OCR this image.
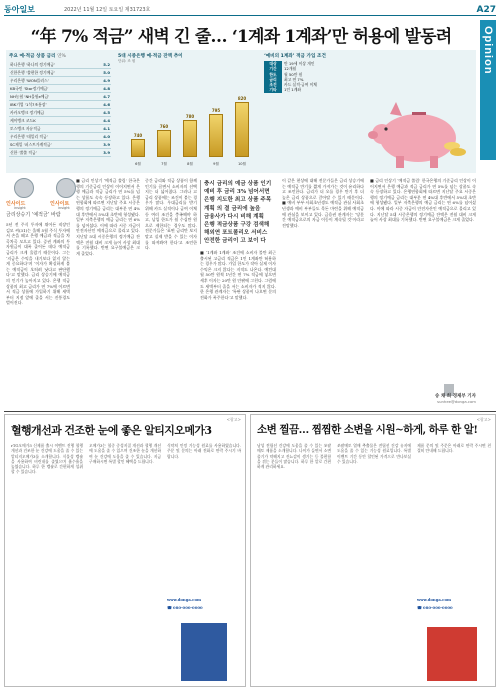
동아일보	2022년 11월 12일 토요일 제31723호	A27
Opinion
“年 7% 적금” 새벽 긴 줄… ‘1계좌 1계좌’만 허용에 발동려
주요 예·적금 상품 금리 연%
하나은행 ‘하나의 정기예금’	5.2
신한은행 ‘쏠편한 정기예금’	5.0
우리은행 ‘WON플러스’	4.9
KB국민 ‘Star정기예금’	4.8
NH농협 ‘NH올원e예금’	4.7
IBK기업 ‘1석7조통장’	4.6
카카오뱅크 정기예금	4.5
케이뱅크 코드K	4.4
토스뱅크 자유적금	4.1
우리은행 ‘데일리 적금’	4.0
SC제일 ‘퍼스트가계적금’	3.9
신한 ‘쏠쏠 적금’	3.9
5대 시중은행 예·적금 잔액 추이
단위: 조 원
740
6월
760
7월
780
8월
795
9월
820
10월
‘예비의 1계좌’ 적금 가입 조건
대상 만 19세 이상 개인
기간 12개월
한도 월 50만 원
금리 최고 연 7%
조건 카드 실적·급여 이체
기타 1인 1계좌
인사이드	인사이트
insight	insight
금리상승기 ‘예적금’ 바람
5년 전 주식 투자에 뛰어든 직장인 김모 씨(31)는 올해 5월 주식 투자에서 손을 떼고 은행 예금과 적금을 차곡차곡 모으고 있다. 증권 계좌의 투자원금이 대폭 줄어든 데다 예적금 금리가 크게 올랐기 때문이다. 그는 ‘지금은 수익을 내기보다 잃지 않는 게 중요하다’며 ‘이자가 확실하게 붙는 예적금이 오히려 낫다고 판단했다’고 말했다. 금리 상승기에 예적금의 인기가 높아지고 있다. 은행 적금 상품의 최고 금리가 연 7%에 이르면서 적금 상품에 가입하기 위해 새벽부터 지점 앞에 줄을 서는 진풍경도 벌어진다.
■ 금리 인상기 ‘예적금 쏠림’ 한국은행의 기준금리 인상이 이어지면서 은행 예금과 적금 금리가 연 5%를 넘는 상품도 속속 등장하고 있다. 은행연합회에 따르면 지난달 주요 시중은행의 정기예금 금리는 대부분 연 4%대 후반에서 5%대 초반에 형성됐다. 일부 저축은행의 예금 금리는 연 6%를 넘어섰다. 이에 따라 시중 자금이 안전자산인 예적금으로 몰리고 있다. 지난달 5대 시중은행의 정기예금 잔액은 전월 대비 크게 늘어 사상 최대를 기록했다. 반면 요구불예금은 크게 줄었다.
중간 금리와 적금 상품이 함께 인기를 끌면서 소비자의 선택지는 더 넓어졌다. 그러나 고금리 상품에는 조건이 붙는 경우가 많다. 우대금리를 받기 위해 카드 실적이나 급여 이체 등 여러 조건을 충족해야 하고, 납입 한도가 월 수십만 원으로 제한되는 경우도 많다. 전문가들은 ‘표면 금리만 보지 말고 실제 받을 수 있는 이자를 따져봐야 한다’고 조언한다.
충시 금리의 예금 상품 인기
예비 후 금리 3% 넘어서면
은행 지도한 최고 상품 주목
계획 의 결 금리에 높음
금융사가 다시 비해 계획
은행 적금상품 구강 검색해
해외연 포트폴리오 서비스
안전한 금리이 고 보이 다
■ ‘1계좌 1계좌’ 조건에 소비자 불만 최근 출시된 고금리 적금은 1인 1계좌만 허용하는 경우가 많다. 가입 한도가 작아 실제 이자 수익은 크지 않다는 지적도 나온다. 예컨대 월 50만 원씩 1년간 연 7% 적금에 넣으면 세후 이자는 20만 원 안팎에 그친다. 그럼에도 새벽부터 줄을 서는 소비자가 적지 않다. 한 은행 관계자는 ‘특판 상품이 나오면 문의 전화가 폭주한다’고 말했다.
이 같은 현상에 대해 전문가들은 금리 상승기에는 예적금 만기를 짧게 가져가는 것이 유리하다고 조언한다. 금리가 더 오를 경우 만기 후 더 높은 금리 상품으로 갈아탈 수 있기 때문이다. ■ 예비 부부·사회초년생도 예적금 관심 사회초년생과 예비 부부들도 목돈 마련을 위해 예적금에 관심을 보이고 있다. 금융권 관계자는 ‘당분간 예적금으로의 자금 이동이 계속될 것’이라고 전망했다.
■ 금리 인상기 ‘예적금 쏠림’ 한국은행의 기준금리 인상이 이어지면서 은행 예금과 적금 금리가 연 5%를 넘는 상품도 속속 등장하고 있다. 은행연합회에 따르면 지난달 주요 시중은행의 정기예금 금리는 대부분 연 4%대 후반에서 5%대 초반에 형성됐다. 일부 저축은행의 예금 금리는 연 6%를 넘어섰다. 이에 따라 시중 자금이 안전자산인 예적금으로 몰리고 있다. 지난달 5대 시중은행의 정기예금 잔액은 전월 대비 크게 늘어 사상 최대를 기록했다. 반면 요구불예금은 크게 줄었다.
송 채 희 경제부 기자
sunhee@donga.com
<광고>
혈행개선과 건조한 눈에 좋은 알티지오메가3
rTG오메가3 신제품 출시 이벤트 진행 혈행 개선과 건조한 눈 건강에 도움을 줄 수 있는 알티지오메가3를 소개합니다. 식물성 캡슐을 사용하여 비린내를 줄였으며 흡수율을 높였습니다. 하루 한 캡슐로 간편하게 섭취할 수 있습니다.
오메가3는 혈중 중성지질 개선과 혈행 개선에 도움을 줄 수 있으며 건조한 눈을 개선하여 눈 건강에 도움을 줄 수 있습니다. 지금 구매하시면 특별 할인 혜택을 드립니다.
식약처 인정 기능성 원료를 사용하였습니다. 주문 및 문의는 아래 전화로 연락 주시기 바랍니다.
www.donga.com
☎ 080-000-0000
<광고>
소변 찔끔… 찜찜한 소변을 시원~하게, 하루 한 알!
남성 전립선 건강에 도움을 줄 수 있는 쏘팔메토 제품을 소개합니다. 나이가 들면서 소변 줄기가 약해지고 잔뇨감이 생기는 등 불편함을 겪는 분들이 많습니다. 하루 한 알로 간편하게 관리하세요.
쏘팔메토 열매 추출물은 전립선 건강 유지에 도움을 줄 수 있는 기능성 원료입니다. 특별 이벤트 기간 동안 할인된 가격으로 만나보실 수 있습니다.
제품 문의 및 주문은 아래로 연락 주시면 친절히 안내해 드립니다.
www.donga.com
☎ 080-000-0000
